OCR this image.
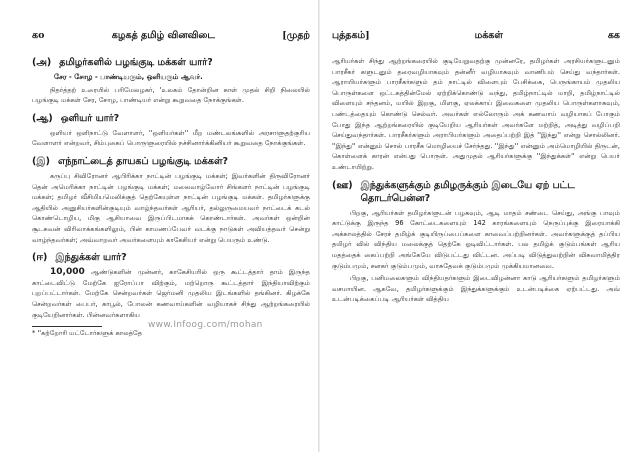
கo	கழகத் தமிழ் வினவிடை	[முதற்
(அ) தமிழர்களில் பழங்குடி மக்கள் யார்?

சேர - சோழ - பாண்டியரும், ஒளியரும் ஆவர்.

நிதர்த்தற் உரையில் பரிமேலழகர், 'உலகம் தோன்றின காள் முதல் சிறி நிலையில் பழங்குடி மக்கள் சேர, சோழ, பாண்டியர் என்று கூறுவதை நோக்குங்கள்.

(ஆ) ஒளியர் யார்?

ஒளியர் ஒளிநாட்டு வேளாளர், ''ஒளியர்கள்'' மீற மண்டலங்களில் அரசாளுதற்குரிய வேளாளர் என்றவர், சிம்புகைப் பொருளுரையில் நச்சினார்க்கினியர் கூறுவதை நோக்குங்கள்.

(இ) எந்நாட்டைத் தாயகப் பழங்குடி மக்கள்?

கருப்பு சிவிரோனர் ஆபிரிக்கா நாட்டின் பழங்குடி மக்கள்; இவர்களின் திருவிரோனர் தென் அமெரிக்கா நாட்டின் பழங்குடி மக்கள்; மலைவாழ்வோர் சிங்களர் நாட்டின் பழங்குடி மக்கள்; தமிழர் வீசிமியமெலிக்குத் தெற்கேயுள்ள நாட்டின் பழங்குடி மக்கள். தமிழர்களுக்கு ஆதியில் அனுசியர்களின்குடியும் வாழ்ந்தவர்கள் ஆரியர், தல்லுருமையவர் நாட்டைக் கடல் கொண்டொழிய, மிகு ஆசியாவை இருப்பிடமாகக் கொண்டார்கள். அவர்கள் ஒன்றின் சூடசுவன் விரிவாக்கங்களிலும், பின் காமணப்பேவர் வடக்கு நாடுகள் அவியத்தவர் சென்று வாழ்ந்தவர்கள்; அவ்வாறவர் அவர்களையும் காகேசியர் என்று பெயரும் உண்டு.

(ஈ) இந்துக்கள் யார்?

10,000 ஆண்டுகளின் முன்னர், காகேசியரில் ஒரு கூட்டத்தார் தாம் இருந்த காட்டைவிட்டு மேற்கே ஐரோப்பா விற்கும், மற்றொரு கூட்டத்தார் இந்தியாவிற்கும் புறப்பட்டார்கள். மேற்கே சென்றவர்கள் ஜெர்மனி முதலிய இடங்களில் தங்கினர். கிழக்கே சென்றவர்கள் பைபர், காபூல், போலன் கணவாய்களின் வழியாகச் சிந்து ஆற்றங்கரையில் குடியேறினார்கள். பின்னவர்களாகிய

* ''கற்றோரி மட்டோர்களுக் காலத்தே
www.Infoog.com/mohan
புத்தகம்]	மக்கள்	கக

ஆரியர்கள் சிந்து ஆற்றங்கரையில் குடியேறுவதற்கு முன்னரே, தமிழர்கள் அரசியர்களுடனும் பாரசீகர் களுடனும் தரைவழியாகவும் தன்னீர் வழியாகவும் வாணிபம் செய்து வந்தார்கள். ஆராயியர்களும் பாரசீகர்களும் தம் நாட்டில் விளைபும் பேசிக்கை, பெருங்காயம் முதலிய பொருள்களை ஒட்டகத்தின்மேல் ஏற்றிக்கொண்டு வந்து, தமிழ்நாட்டில் மாறி, தமிழ்நாட்டில் விளையும் சந்தனம், மயில் இறகு, மிளகு, ஏலக்காய் இவைகளை முதலிய பொருள்களாகவும், பண்டத்தையும் கொண்டு செல்வர். அவர்கள் எல்லோரும் அக் கணவாய் வழியாகப் போகும் போது இந்த ஆற்றங்கரையில் குடியேறிய ஆரியர்கள் அவர்களே மற்றித், அடித்து வழிப்பறி செய்துவந்தார்கள். பாரசீகர்களும் அராபியர்களும் அதைப்பற்றி இத் ''இந்து'' என்று சொல்லினர். ''இந்து'' என்னும் சொல் பாரசீக மொழியைச் சேர்ந்தது. ''இந்து'' என்னும் அம்மொழியில் திருடன், கொள்ளைக் காரன் என்பது பொருள். அதுமுதல் ஆரியர்களுக்கு ''இந்துக்கள்'' என்று பெயர் உண்டாயிற்று.

(ஊ) இந்துக்களுக்கும் தமிழருக்கும் இடையே ஏற் பட்ட தொடர்பென்ன?

பிறகு, ஆரியர்கள் தமிழர்களுடன் பழகவும், ஆடி மாதம் சண்டை செய்து, அங்கு பாவும் காட்டுக்கு இருந்த 96 கோட்டைகளையும் 142 காரங்களையும் நெருப்புக்கு இரையாக்கி அக்காலத்தில் சேரச் தமிழ்க் குடியிருப்பைப்களை காவைப்பற்றினர்கள். அவர்களுக்குத் தப்பிய தமிழர் வில் விந்திய மலைக்குத் தெற்கே ஓடிவிட்டார்கள். பல தமிழ்க் குடும்பங்கள் ஆரிய மதத்தைக் கைப்பற்றி அங்கேயே விடுபட்டது விட்டன. அப்படி விடுத்துவற்றின் விசுவாமித்திர குடும்பமும், சனகர் குடும்பமும், வாசுதேவக் குடும்பமும் முக்கியமானவை.

பிறகு, பனிமலைகளும் விந்தியதர்களும் இடைவிழன்னா காடு ஆரியர்களும் தமிழர்களும் வசமாயின. ஆகவே, தமிழர்களுக்கும் இந்துக்களுக்கும் உடன்படிக்கை ஏற்பட்டது. அவ் உடன்படிக்கைப்படி ஆரியர்கள் வித்திய
